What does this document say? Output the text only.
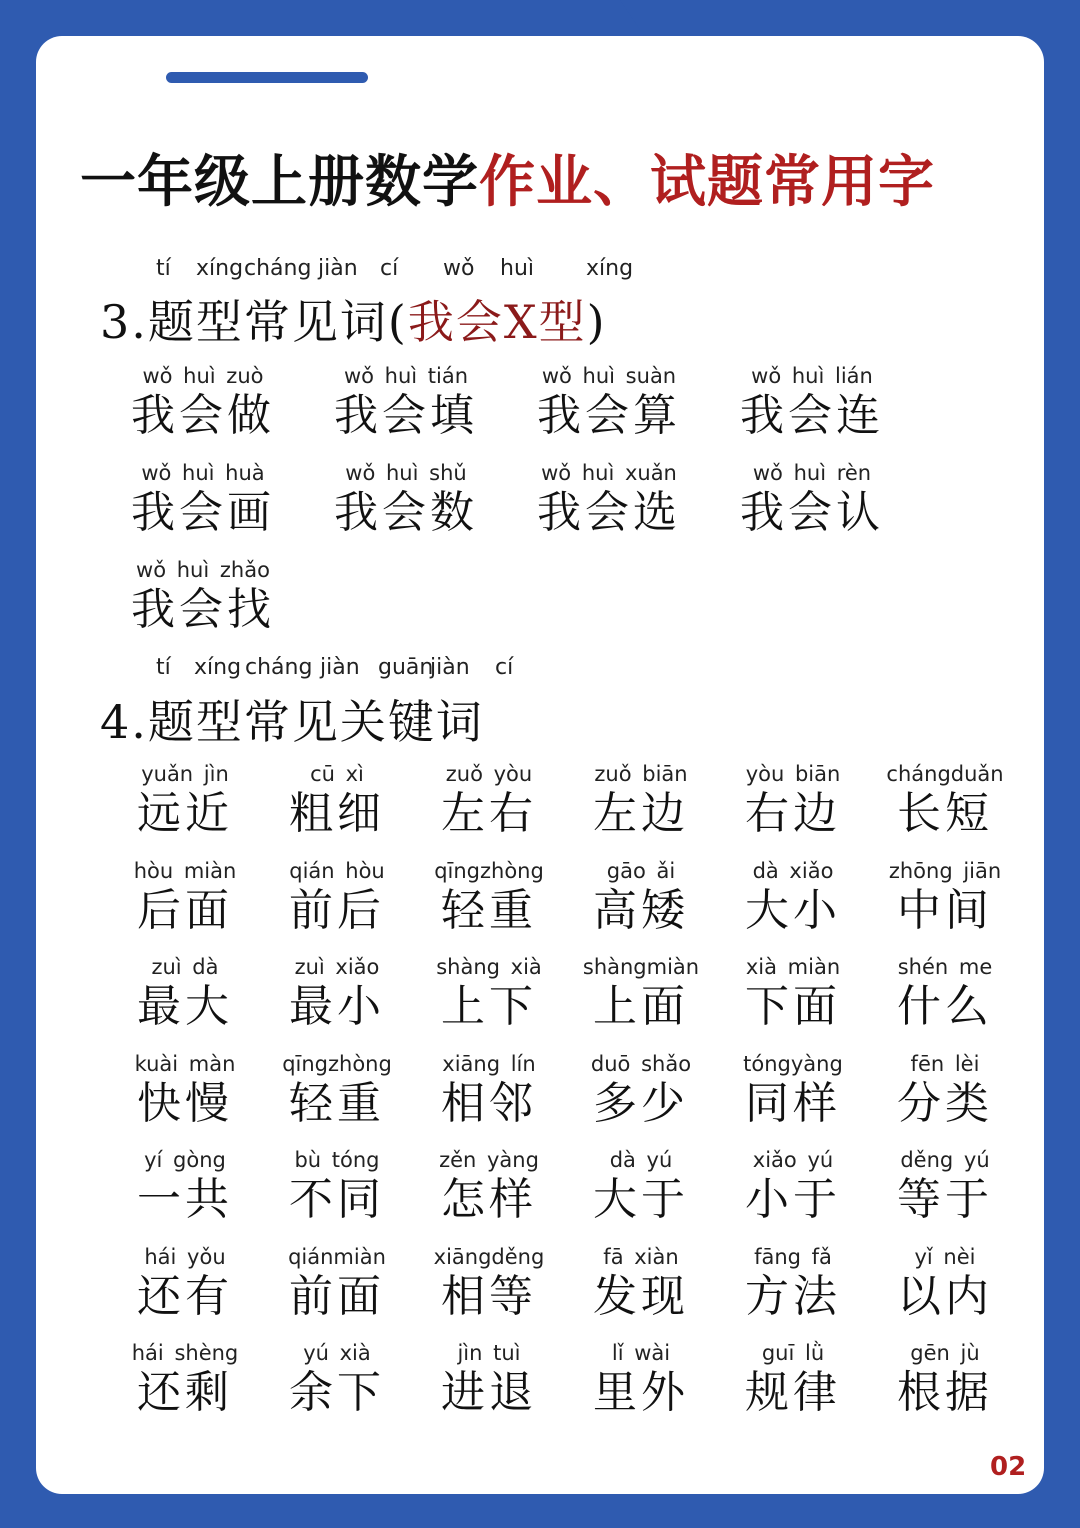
一年级上册数学作业、试题常用字
tí xíng cháng jiàn cí wǒ huì xíng
3.题型常见词(我会X型)
wǒ huì zuò
我会做
wǒ huì tián
我会填
wǒ huì suàn
我会算
wǒ huì lián
我会连
wǒ huì huà
我会画
wǒ huì shǔ
我会数
wǒ huì xuǎn
我会选
wǒ huì rèn
我会认
wǒ huì zhǎo
我会找
tí xíng cháng jiàn guān
jiàn cí
4.题型常见关键词
yuǎn jìn
远近
cū xì
粗细
zuǒ yòu
左右
zuǒ biān
左边
yòu biān
右边
chángduǎn
长短
hòu miàn
后面
qián hòu
前后
qīngzhòng
轻重
gāo ǎi
高矮
dà xiǎo
大小
zhōng jiān
中间
zuì dà
最大
zuì xiǎo
最小
shàng xià
上下
shàngmiàn
上面
xià miàn
下面
shén me
什么
kuài màn
快慢
qīngzhòng
轻重
xiāng lín
相邻
duō shǎo
多少
tóngyàng
同样
fēn lèi
分类
yí gòng
一共
bù tóng
不同
zěn yàng
怎样
dà yú
大于
xiǎo yú
小于
děng yú
等于
hái yǒu
还有
qiánmiàn
前面
xiāngděng
相等
fā xiàn
发现
fāng fǎ
方法
yǐ nèi
以内
hái shèng
还剩
yú xià
余下
jìn tuì
进退
lǐ wài
里外
guī lǜ
规律
gēn jù
根据
02
